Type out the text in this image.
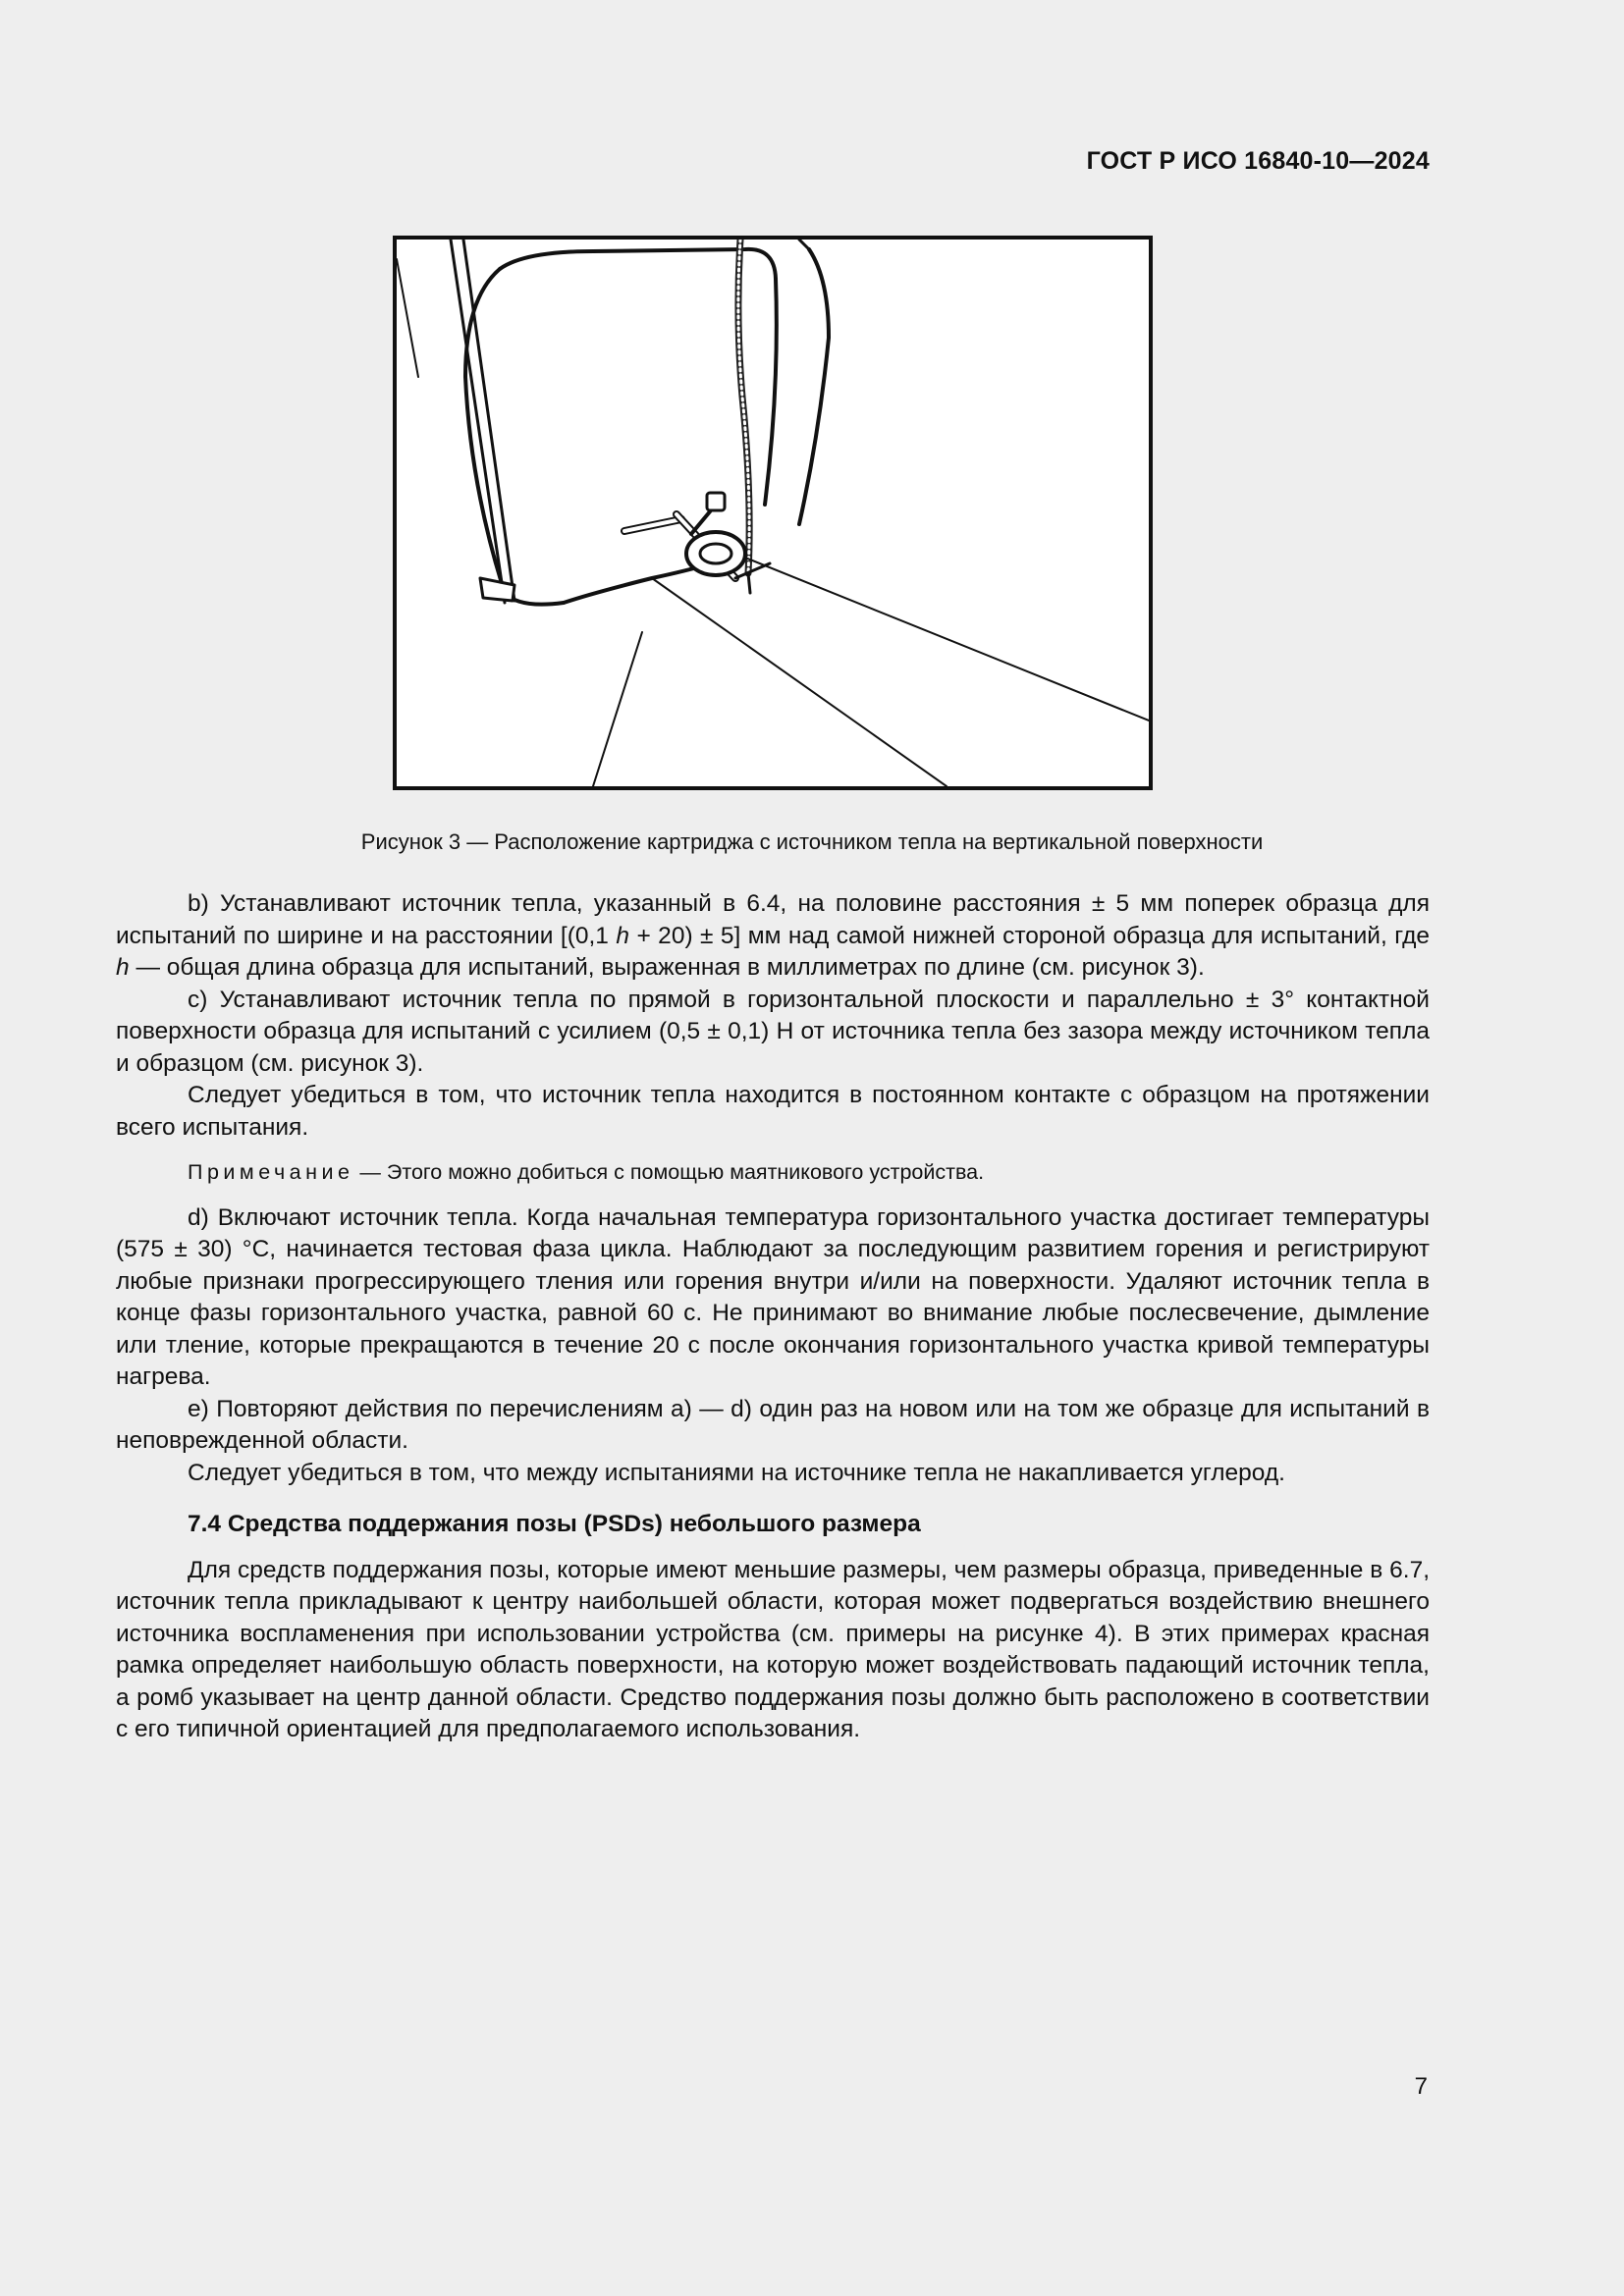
ГОСТ Р ИСО 16840-10—2024
Рисунок 3 — Расположение картриджа с источником тепла на вертикальной поверхности

b) Устанавливают источник тепла, указанный в 6.4, на половине расстояния ± 5 мм поперек образца для испытаний по ширине и на расстоянии [(0,1 h + 20) ± 5] мм над самой нижней стороной образца для испытаний, где h — общая длина образца для испытаний, выраженная в миллиметрах по длине (см. рисунок 3).

c) Устанавливают источник тепла по прямой в горизонтальной плоскости и параллельно ± 3° контактной поверхности образца для испытаний с усилием (0,5 ± 0,1) Н от источника тепла без зазора между источником тепла и образцом (см. рисунок 3).

Следует убедиться в том, что источник тепла находится в постоянном контакте с образцом на протяжении всего испытания.

Примечание — Этого можно добиться с помощью маятникового устройства.

d) Включают источник тепла. Когда начальная температура горизонтального участка достигает температуры (575 ± 30) °С, начинается тестовая фаза цикла. Наблюдают за последующим развитием горения и регистрируют любые признаки прогрессирующего тления или горения внутри и/или на поверхности. Удаляют источник тепла в конце фазы горизонтального участка, равной 60 с. Не принимают во внимание любые послесвечение, дымление или тление, которые прекращаются в течение 20 с после окончания горизонтального участка кривой температуры нагрева.

e) Повторяют действия по перечислениям a) — d) один раз на новом или на том же образце для испытаний в неповрежденной области.

Следует убедиться в том, что между испытаниями на источнике тепла не накапливается углерод.

7.4 Средства поддержания позы (PSDs) небольшого размера

Для средств поддержания позы, которые имеют меньшие размеры, чем размеры образца, приведенные в 6.7, источник тепла прикладывают к центру наибольшей области, которая может подвергаться воздействию внешнего источника воспламенения при использовании устройства (см. примеры на рисунке 4). В этих примерах красная рамка определяет наибольшую область поверхности, на которую может воздействовать падающий источник тепла, а ромб указывает на центр данной области. Средство поддержания позы должно быть расположено в соответствии с его типичной ориентацией для предполагаемого использования.

7
